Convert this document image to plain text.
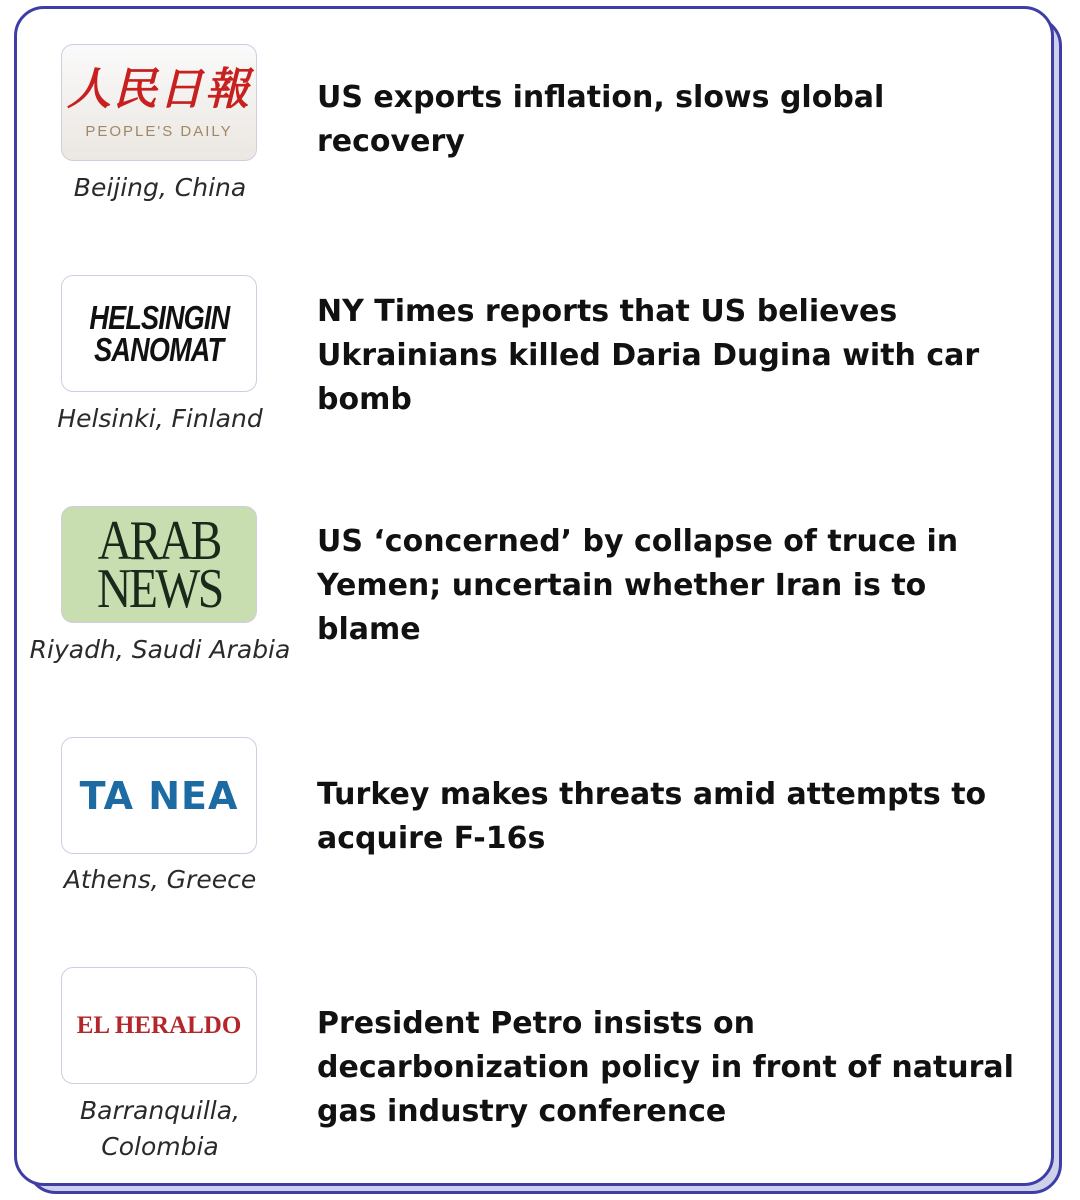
人民日報
PEOPLE'S DAILY
Beijing, China
US exports inflation, slows global recovery
HELSINGIN
SANOMAT
Helsinki, Finland
NY Times reports that US believes Ukrainians killed Daria Dugina with car bomb
ARAB
NEWS
Riyadh, Saudi Arabia
US ‘concerned’ by collapse of truce in Yemen; uncertain whether Iran is to blame
TA NEA
Athens, Greece
Turkey makes threats amid attempts to acquire F-16s
EL HERALDO
Barranquilla, Colombia
President Petro insists on decarbonization policy in front of natural gas industry conference
